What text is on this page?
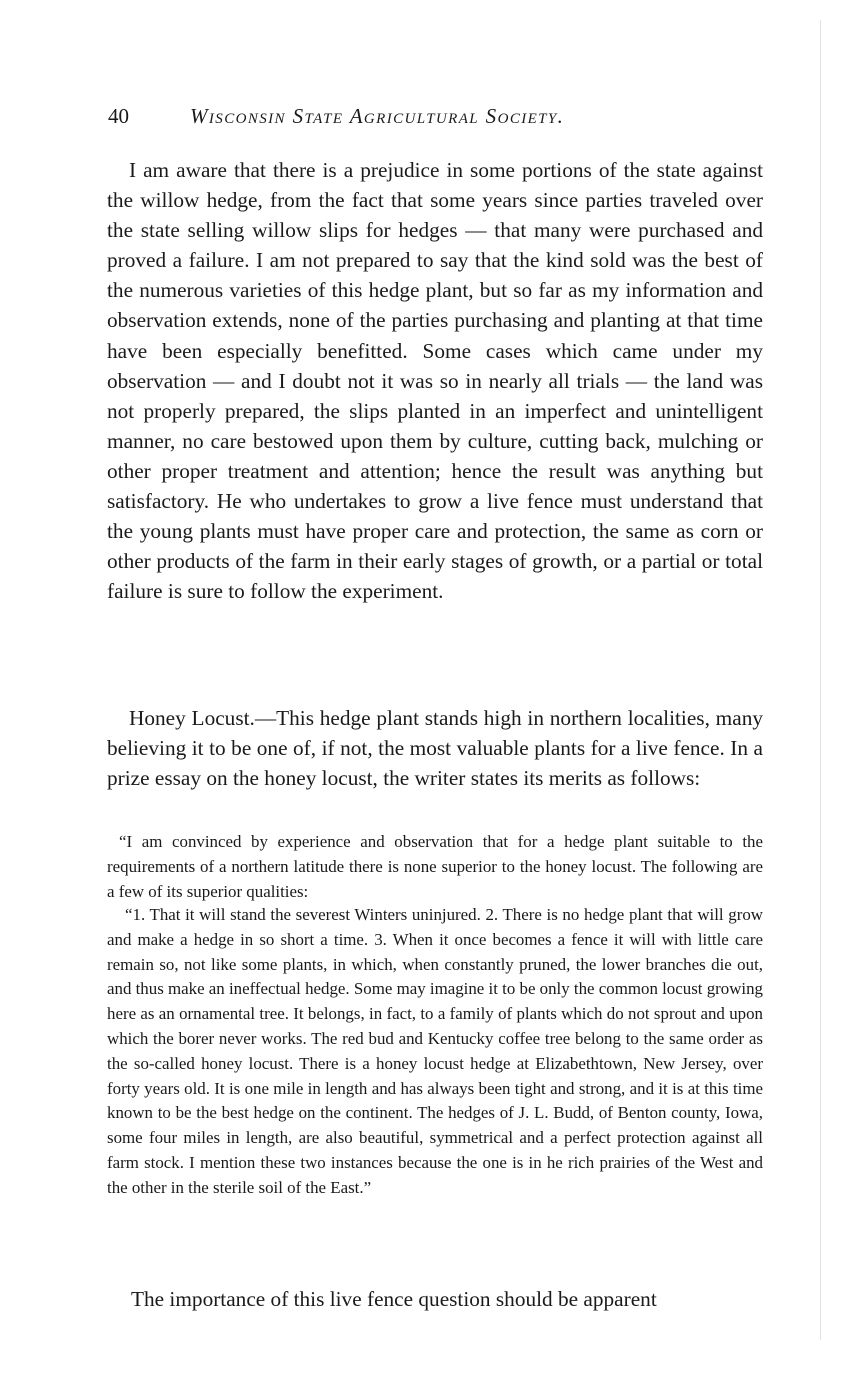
40	Wisconsin State Agricultural Society.

I am aware that there is a prejudice in some portions of the state against the willow hedge, from the fact that some years since parties traveled over the state selling willow slips for hedges — that many were purchased and proved a failure. I am not prepared to say that the kind sold was the best of the numerous varieties of this hedge plant, but so far as my information and observation extends, none of the parties purchasing and planting at that time have been especially benefitted. Some cases which came under my observation — and I doubt not it was so in nearly all trials — the land was not properly prepared, the slips planted in an imperfect and unintelligent manner, no care bestowed upon them by culture, cutting back, mulching or other proper treatment and attention; hence the result was anything but satisfactory. He who undertakes to grow a live fence must understand that the young plants must have proper care and protection, the same as corn or other products of the farm in their early stages of growth, or a partial or total failure is sure to follow the experiment.

Honey Locust.—This hedge plant stands high in northern localities, many believing it to be one of, if not, the most valuable plants for a live fence. In a prize essay on the honey locust, the writer states its merits as follows:

“I am convinced by experience and observation that for a hedge plant suitable to the requirements of a northern latitude there is none superior to the honey locust. The following are a few of its superior qualities:

“1. That it will stand the severest Winters uninjured. 2. There is no hedge plant that will grow and make a hedge in so short a time. 3. When it once becomes a fence it will with little care remain so, not like some plants, in which, when constantly pruned, the lower branches die out, and thus make an ineffectual hedge. Some may imagine it to be only the common locust growing here as an ornamental tree. It belongs, in fact, to a family of plants which do not sprout and upon which the borer never works. The red bud and Kentucky coffee tree belong to the same order as the so-called honey locust. There is a honey locust hedge at Elizabethtown, New Jersey, over forty years old. It is one mile in length and has always been tight and strong, and it is at this time known to be the best hedge on the continent. The hedges of J. L. Budd, of Benton county, Iowa, some four miles in length, are also beautiful, symmetrical and a perfect protection against all farm stock. I mention these two instances because the one is in he rich prairies of the West and the other in the sterile soil of the East.”

The importance of this live fence question should be apparent
